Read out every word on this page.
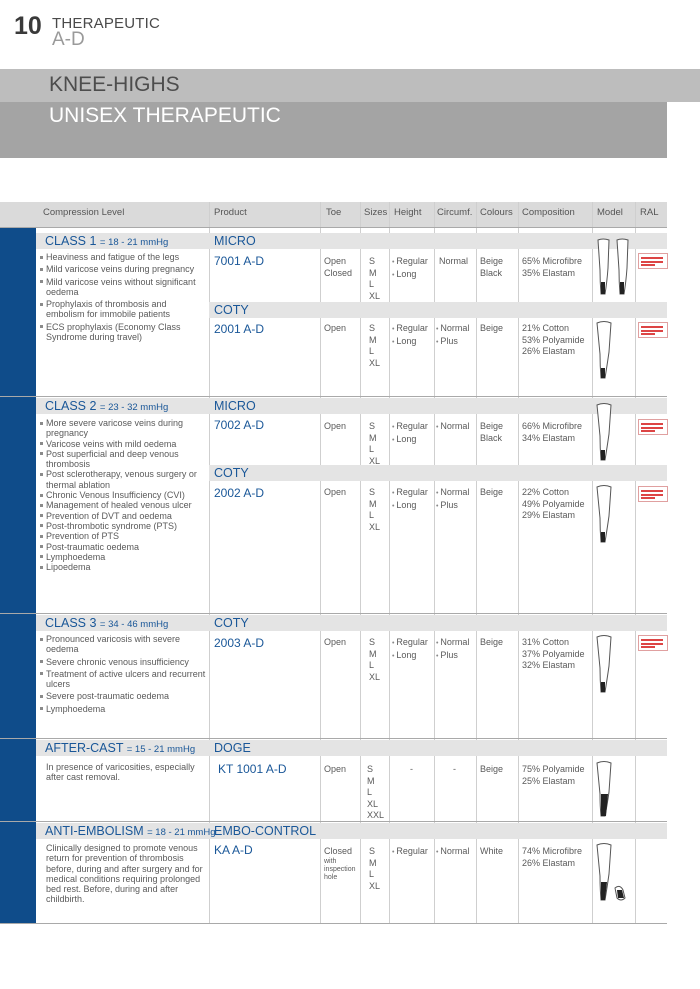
10 THERAPEUTIC
A-D
KNEE-HIGHS
UNISEX THERAPEUTIC
Compression Level	Product	Toe Sizes Height Circumf. Colours Composition Model RAL
CLASS 1 = 18 - 21 mmHg
Heaviness and fatigue of the legs
Mild varicose veins during pregnancy
Mild varicose veins without significant oedema
Prophylaxis of thrombosis and embolism for immobile patients
ECS prophylaxis (Economy Class Syndrome during travel)
MICRO
7001 A-D	Open
Closed
S
M
L
XL
• Regular
• Long
Normal Beige
Black
65% Microfibre
35% Elastam
COTY
2001 A-D	Open	S
M
L
XL
• Regular
• Long
• Normal
• Plus
Beige 21% Cotton
53% Polyamide
26% Elastam
CLASS 2 = 23 - 32 mmHg
More severe varicose veins during pregnancy
Varicose veins with mild oedema
Post superficial and deep venous thrombosis
Post sclerotherapy, venous surgery or thermal ablation
Chronic Venous Insufficiency (CVI)
Management of healed venous ulcer
Prevention of DVT and oedema
Post-thrombotic syndrome (PTS)
Prevention of PTS
Post-traumatic oedema
Lymphoedema
Lipoedema
MICRO
7002 A-D	Open	S
M
L
XL
• Regular
• Long
• Normal Beige
Black
66% Microfibre
34% Elastam
COTY
2002 A-D	Open	S
M
L
XL
• Regular
• Long
• Normal
• Plus
Beige 22% Cotton
49% Polyamide
29% Elastam
CLASS 3 = 34 - 46 mmHg
Pronounced varicosis with severe oedema
Severe chronic venous insufficiency
Treatment of active ulcers and recurrent ulcers
Severe post-traumatic oedema
Lymphoedema
COTY
2003 A-D	Open	S
M
L
XL
• Regular
• Long
• Normal
• Plus
Beige 31% Cotton
37% Polyamide
32% Elastam
AFTER-CAST = 15 - 21 mmHg

In presence of varicosities, especially after cast removal.

DOGE
KT 1001 A-D	Open S
M
L
XL
XXL
-	-	Beige 75% Polyamide
25% Elastam
ANTI-EMBOLISM = 18 - 21 mmHg

Clinically designed to promote venous return for prevention of thrombosis before, during and after surgery and for medical conditions requiring prolonged bed rest. Before, during and after childbirth.

EMBO-CONTROL
KA A-D	Closed
with
inspection
hole
S
M
L
XL
• Regular
•	Normal White 74% Microfibre
26% Elastam
